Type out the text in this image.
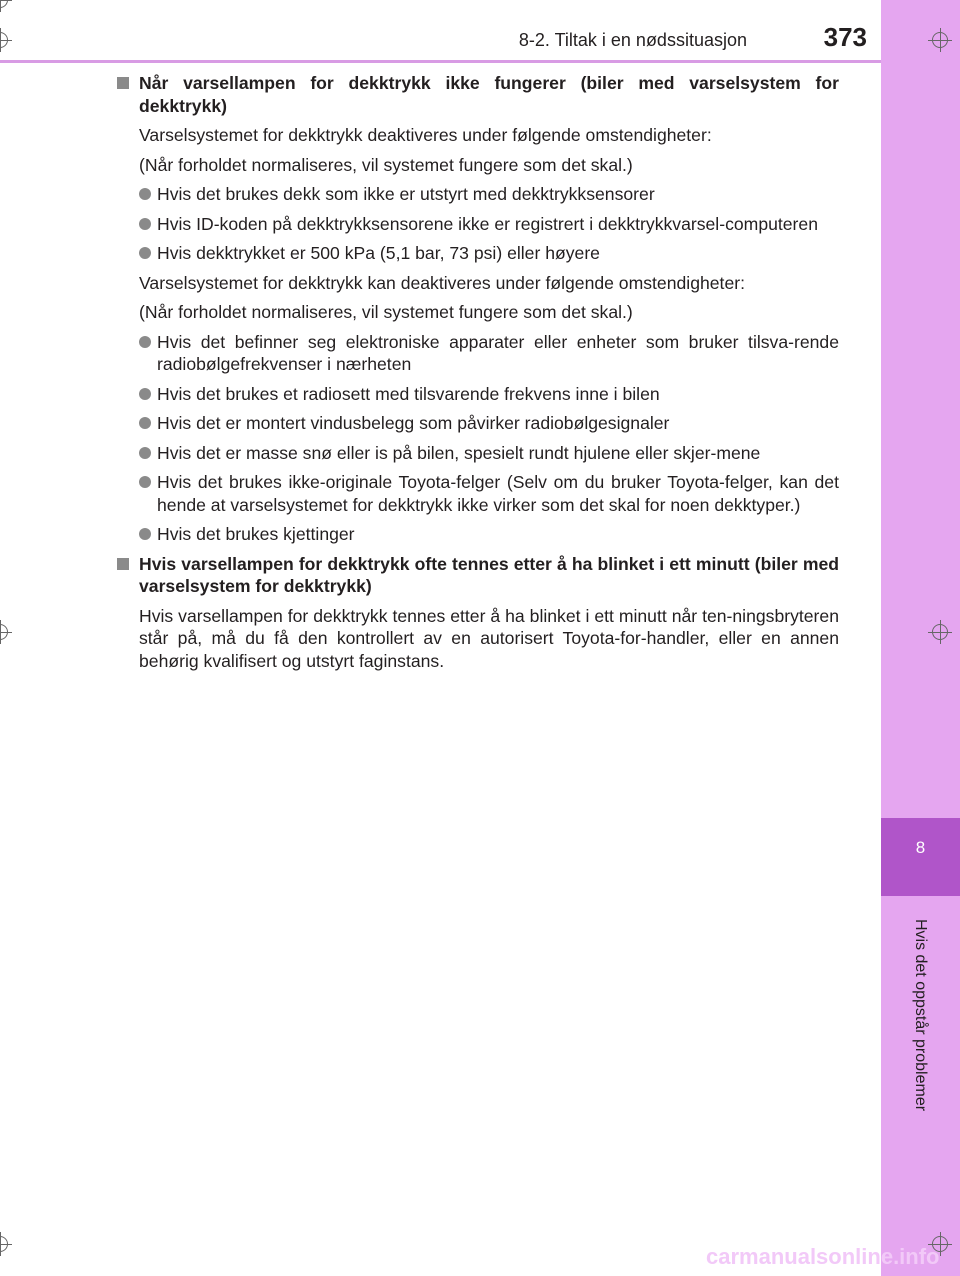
8
Hvis det oppstår problemer
8-2. Tiltak i en nødssituasjon	373
Når varsellampen for dekktrykk ikke fungerer (biler med varselsystem for dekktrykk)
Varselsystemet for dekktrykk deaktiveres under følgende omstendigheter:
(Når forholdet normaliseres, vil systemet fungere som det skal.)
Hvis det brukes dekk som ikke er utstyrt med dekktrykksensorer
Hvis ID-koden på dekktrykksensorene ikke er registrert i dekktrykkvarsel-computeren
Hvis dekktrykket er 500 kPa (5,1 bar, 73 psi) eller høyere
Varselsystemet for dekktrykk kan deaktiveres under følgende omstendigheter:
(Når forholdet normaliseres, vil systemet fungere som det skal.)
Hvis det befinner seg elektroniske apparater eller enheter som bruker tilsva-rende radiobølgefrekvenser i nærheten
Hvis det brukes et radiosett med tilsvarende frekvens inne i bilen
Hvis det er montert vindusbelegg som påvirker radiobølgesignaler
Hvis det er masse snø eller is på bilen, spesielt rundt hjulene eller skjer-mene
Hvis det brukes ikke-originale Toyota-felger (Selv om du bruker Toyota-felger, kan det hende at varselsystemet for dekktrykk ikke virker som det skal for noen dekktyper.)
Hvis det brukes kjettinger
Hvis varsellampen for dekktrykk ofte tennes etter å ha blinket i ett minutt (biler med varselsystem for dekktrykk)
Hvis varsellampen for dekktrykk tennes etter å ha blinket i ett minutt når ten-ningsbryteren står på, må du få den kontrollert av en autorisert Toyota-for-handler, eller en annen behørig kvalifisert og utstyrt faginstans.
carmanualsonline.info
